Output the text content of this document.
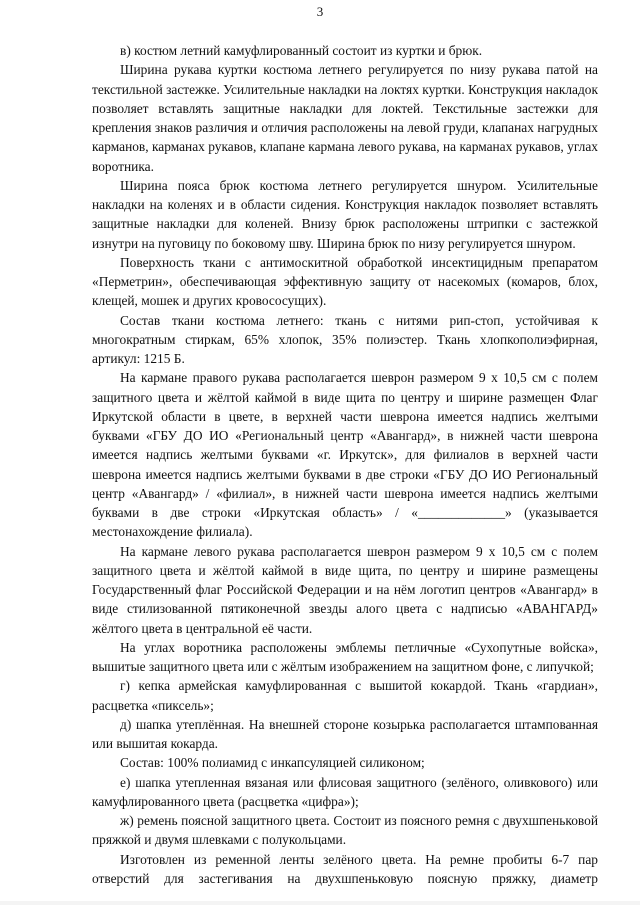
3

в) костюм летний камуфлированный состоит из куртки и брюк.

Ширина рукава куртки костюма летнего регулируется по низу рукава патой на текстильной застежке. Усилительные накладки на локтях куртки. Конструкция накладок позволяет вставлять защитные накладки для локтей. Текстильные застежки для крепления знаков различия и отличия расположены на левой груди, клапанах нагрудных карманов, карманах рукавов, клапане кармана левого рукава, на карманах рукавов, углах воротника.

Ширина пояса брюк костюма летнего регулируется шнуром. Усилительные накладки на коленях и в области сидения. Конструкция накладок позволяет вставлять защитные накладки для коленей. Внизу брюк расположены штрипки с застежкой изнутри на пуговицу по боковому шву. Ширина брюк по низу регулируется шнуром.

Поверхность ткани с антимоскитной обработкой инсектицидным препаратом «Перметрин», обеспечивающая эффективную защиту от насекомых (комаров, блох, клещей, мошек и других кровососущих).

Состав ткани костюма летнего: ткань с нитями рип-стоп, устойчивая к многократным стиркам, 65% хлопок, 35% полиэстер. Ткань хлопкополиэфирная, артикул: 1215 Б.

На кармане правого рукава располагается шеврон размером 9 х 10,5 см с полем защитного цвета и жёлтой каймой в виде щита по центру и ширине размещен Флаг Иркутской области в цвете, в верхней части шеврона имеется надпись желтыми буквами «ГБУ ДО ИО «Региональный центр «Авангард», в нижней части шеврона имеется надпись желтыми буквами «г. Иркутск», для филиалов в верхней части шеврона имеется надпись желтыми буквами в две строки «ГБУ ДО ИО Региональный центр «Авангард» / «филиал», в нижней части шеврона имеется надпись желтыми буквами в две строки «Иркутская область» / «_____________» (указывается местонахождение филиала).

На кармане левого рукава располагается шеврон размером 9 х 10,5 см с полем защитного цвета и жёлтой каймой в виде щита, по центру и ширине размещены Государственный флаг Российской Федерации и на нём логотип центров «Авангард» в виде стилизованной пятиконечной звезды алого цвета с надписью «АВАНГАРД» жёлтого цвета в центральной её части.

На углах воротника расположены эмблемы петличные «Сухопутные войска», вышитые защитного цвета или с жёлтым изображением на защитном фоне, с липучкой;

г) кепка армейская камуфлированная с вышитой кокардой. Ткань «гардиан», расцветка «пиксель»;

д) шапка утеплённая. На внешней стороне козырька располагается штампованная или вышитая кокарда.

Состав: 100% полиамид с инкапсуляцией силиконом;

е) шапка утепленная вязаная или флисовая защитного (зелёного, оливкового) или камуфлированного цвета (расцветка «цифра»);

ж) ремень поясной защитного цвета. Состоит из поясного ремня с двухшпеньковой пряжкой и двумя шлевками с полукольцами.

Изготовлен из ременной ленты зелёного цвета. На ремне пробиты 6-7 пар отверстий для застегивания на двухшпеньковую поясную пряжку, диаметр
